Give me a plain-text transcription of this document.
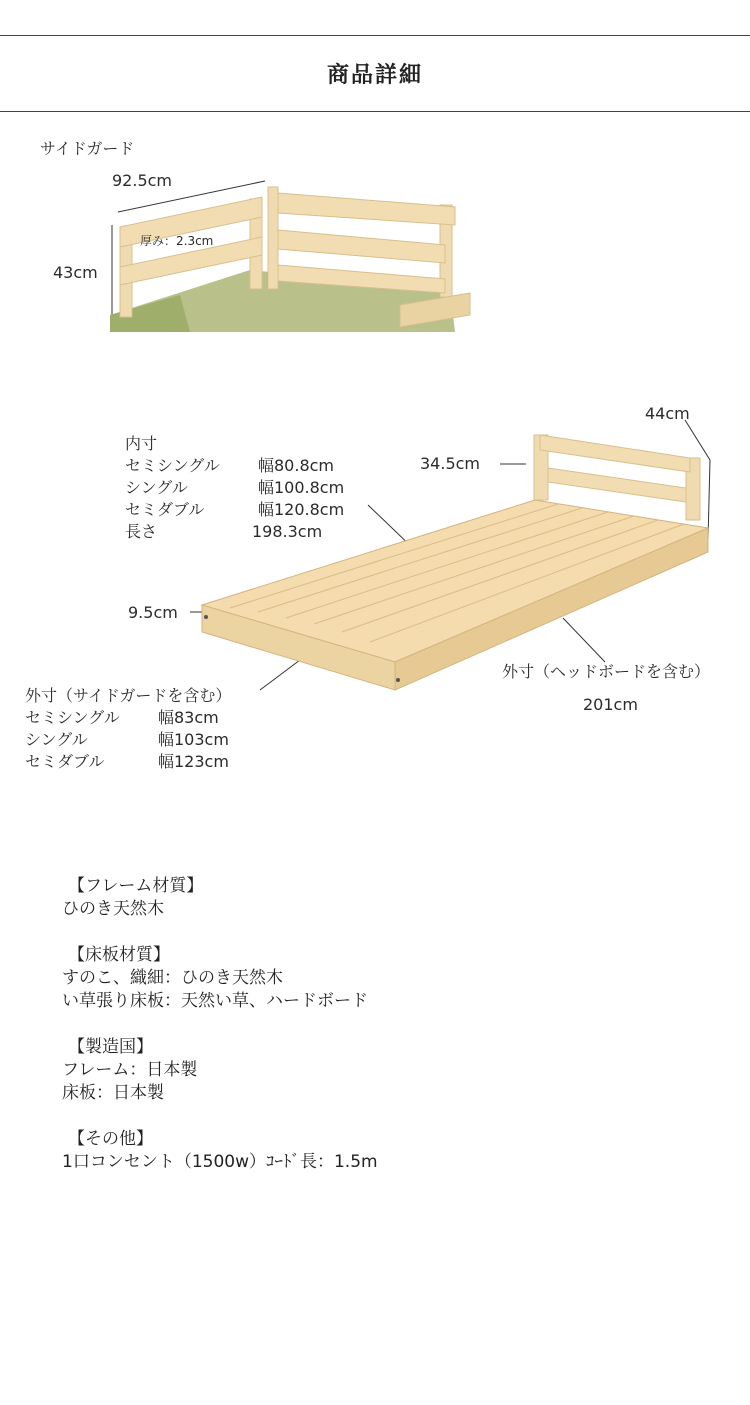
商品詳細
サイドガード
92.5cm
43cm
厚み：2.3cm
内寸
セミシングル 幅80.8cm
シングル	幅100.8cm
セミダブル	幅120.8cm
長さ	198.3cm
34.5cm
44cm
9.5cm
外寸（ヘッドボードを含む）
201cm
外寸（サイドガードを含む）
セミシングル 幅83cm
シングル	幅103cm
セミダブル	幅123cm

【フレーム材質】

ひのき天然木

【床板材質】

すのこ、織細：ひのき天然木

い草張り床板：天然い草、ハードボード

【製造国】

フレーム：日本製

床板：日本製

【その他】

1口コンセント（1500w）ｺｰﾄﾞ長：1.5m
